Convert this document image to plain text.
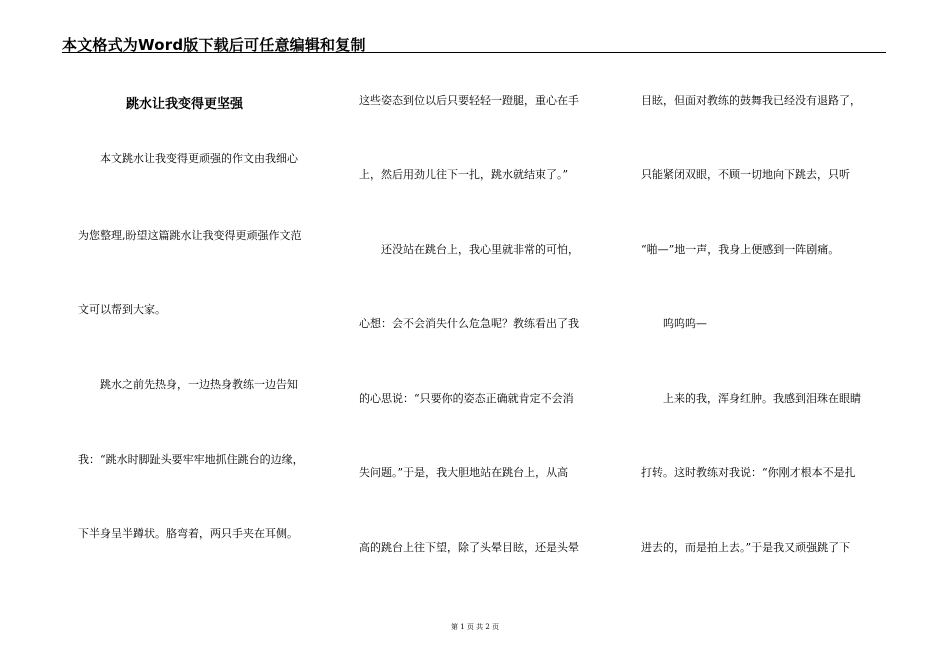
本文格式为Word版下载后可任意编辑和复制
跳水让我变得更坚强
　　本文跳水让我变得更顽强的作文由我细心
为您整理,盼望这篇跳水让我变得更顽强作文范
文可以帮到大家。
　　跳水之前先热身，一边热身教练一边告知
我：“跳水时脚趾头要牢牢地抓住跳台的边缘，
下半身呈半蹲状。胳弯着，两只手夹在耳侧。
这些姿态到位以后只要轻轻一蹬腿，重心在手
上，然后用劲儿往下一扎，跳水就结束了。”
　　还没站在跳台上，我心里就非常的可怕，
心想：会不会消失什么危急呢？教练看出了我
的心思说：“只要你的姿态正确就肯定不会消
失问题。”于是，我大胆地站在跳台上，从高
高的跳台上往下望，除了头晕目眩，还是头晕
目眩，但面对教练的鼓舞我已经没有退路了，
只能紧闭双眼，不顾一切地向下跳去，只听
“啪—”地一声，我身上便感到一阵剧痛。
　　呜呜呜—
　　上来的我，浑身红肿。我感到泪珠在眼睛
打转。这时教练对我说：“你刚才根本不是扎
进去的，而是拍上去。”于是我又顽强跳了下
第 1 页 共 2 页
